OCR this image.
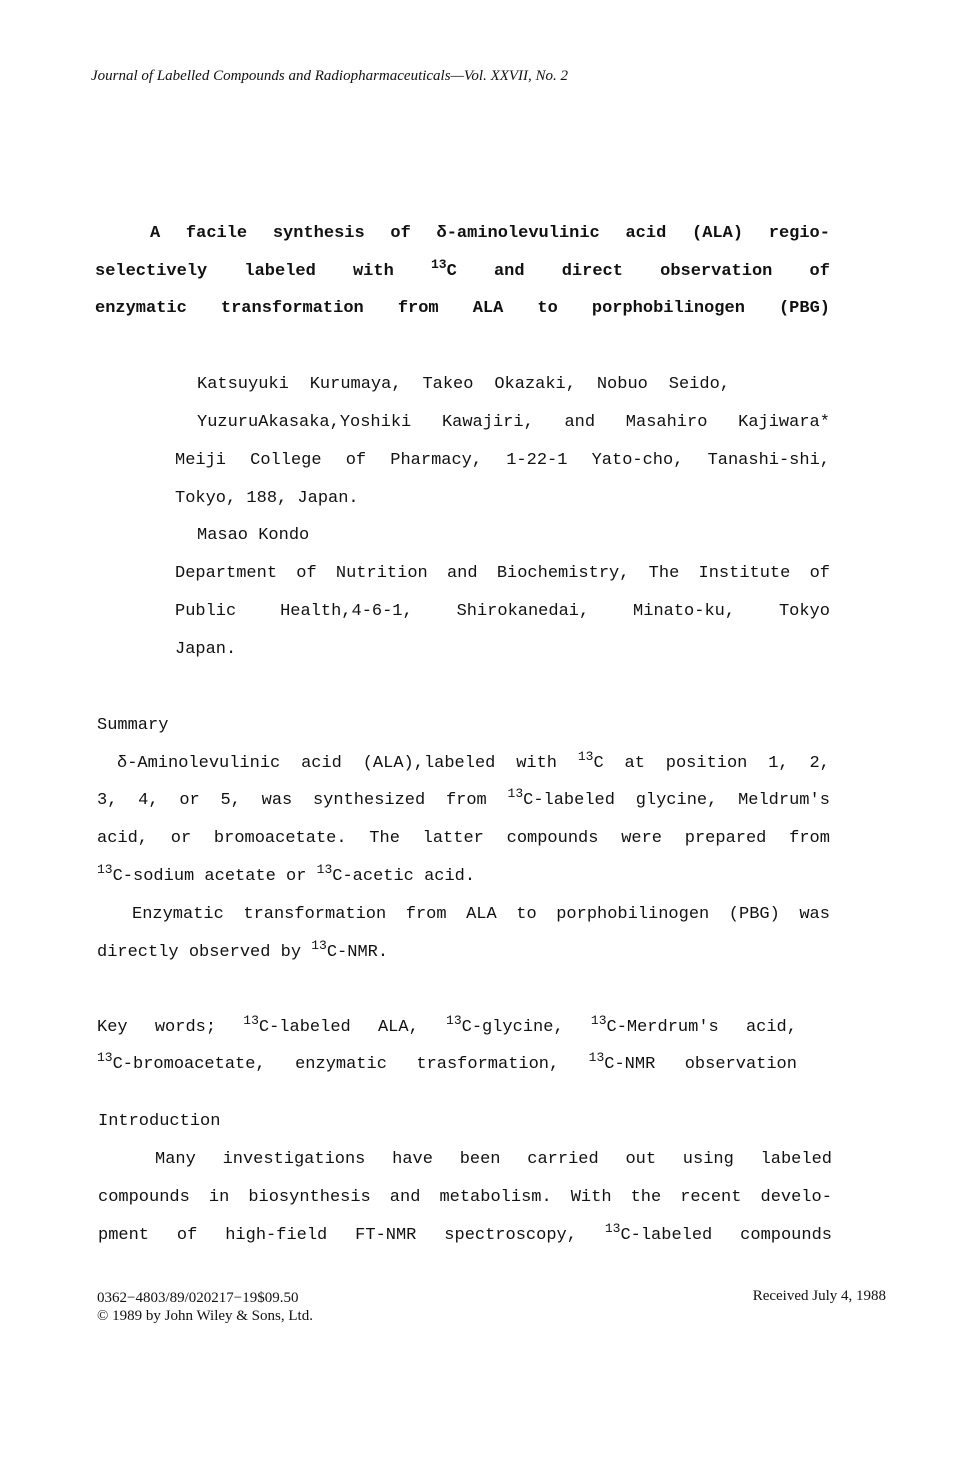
Journal of Labelled Compounds and Radiopharmaceuticals—Vol. XXVII, No. 2
A facile synthesis of δ-aminolevulinic acid (ALA) regio-
selectively labeled with	$^{13}$C and direct observation of
enzymatic transformation from ALA to porphobilinogen (PBG)
Katsuyuki Kurumaya, Takeo Okazaki, Nobuo Seido,
YuzuruAkasaka,Yoshiki Kawajiri, and Masahiro Kajiwara*
Meiji College of Pharmacy, 1-22-1 Yato-cho, Tanashi-shi,
Tokyo, 188, Japan.
Masao Kondo
Department of Nutrition and Biochemistry, The Institute of
Public	Health,4-6-1,	Shirokanedai,	Minato-ku,	Tokyo
Japan.
Summary
δ-Aminolevulinic acid (ALA),labeled with $^{13}$C at position 1, 2,
3, 4, or 5, was synthesized from $^{13}$C-labeled glycine, Meldrum's
acid, or bromoacetate. The latter compounds were prepared from
$^{13}$C-sodium acetate or $^{13}$C-acetic acid.
Enzymatic transformation from ALA to porphobilinogen (PBG) was
directly observed by $^{13}$C-NMR.
Key words; $^{13}$C-labeled ALA, $^{13}$C-glycine, $^{13}$C-Merdrum's acid,
$^{13}$C-bromoacetate, enzymatic trasformation, $^{13}$C-NMR observation
Introduction
Many investigations have been carried out using labeled
compounds in biosynthesis and metabolism. With the recent develo-
pment of high-field FT-NMR spectroscopy, $^{13}$C-labeled compounds
0362−4803/89/020217−19$09.50
© 1989 by John Wiley & Sons, Ltd.
Received July 4, 1988
